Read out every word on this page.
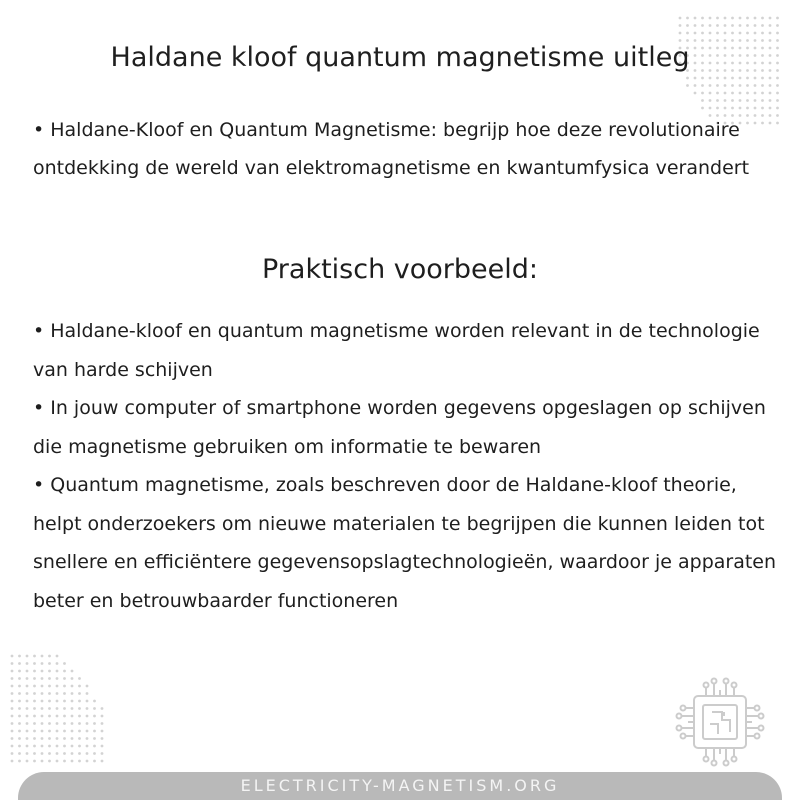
Haldane kloof quantum magnetisme uitleg

• Haldane-Kloof en Quantum Magnetisme: begrijp hoe deze revolutionaire ontdekking de wereld van elektromagnetisme en kwantumfysica verandert

Praktisch voorbeeld:

• Haldane-kloof en quantum magnetisme worden relevant in de technologie van harde schijven

• In jouw computer of smartphone worden gegevens opgeslagen op schijven die magnetisme gebruiken om informatie te bewaren

• Quantum magnetisme, zoals beschreven door de Haldane-kloof theorie, helpt onderzoekers om nieuwe materialen te begrijpen die kunnen leiden tot snellere en efficiëntere gegevensopslagtechnologieën, waardoor je apparaten beter en betrouwbaarder functioneren

ELECTRICITY-MAGNETISM.ORG
